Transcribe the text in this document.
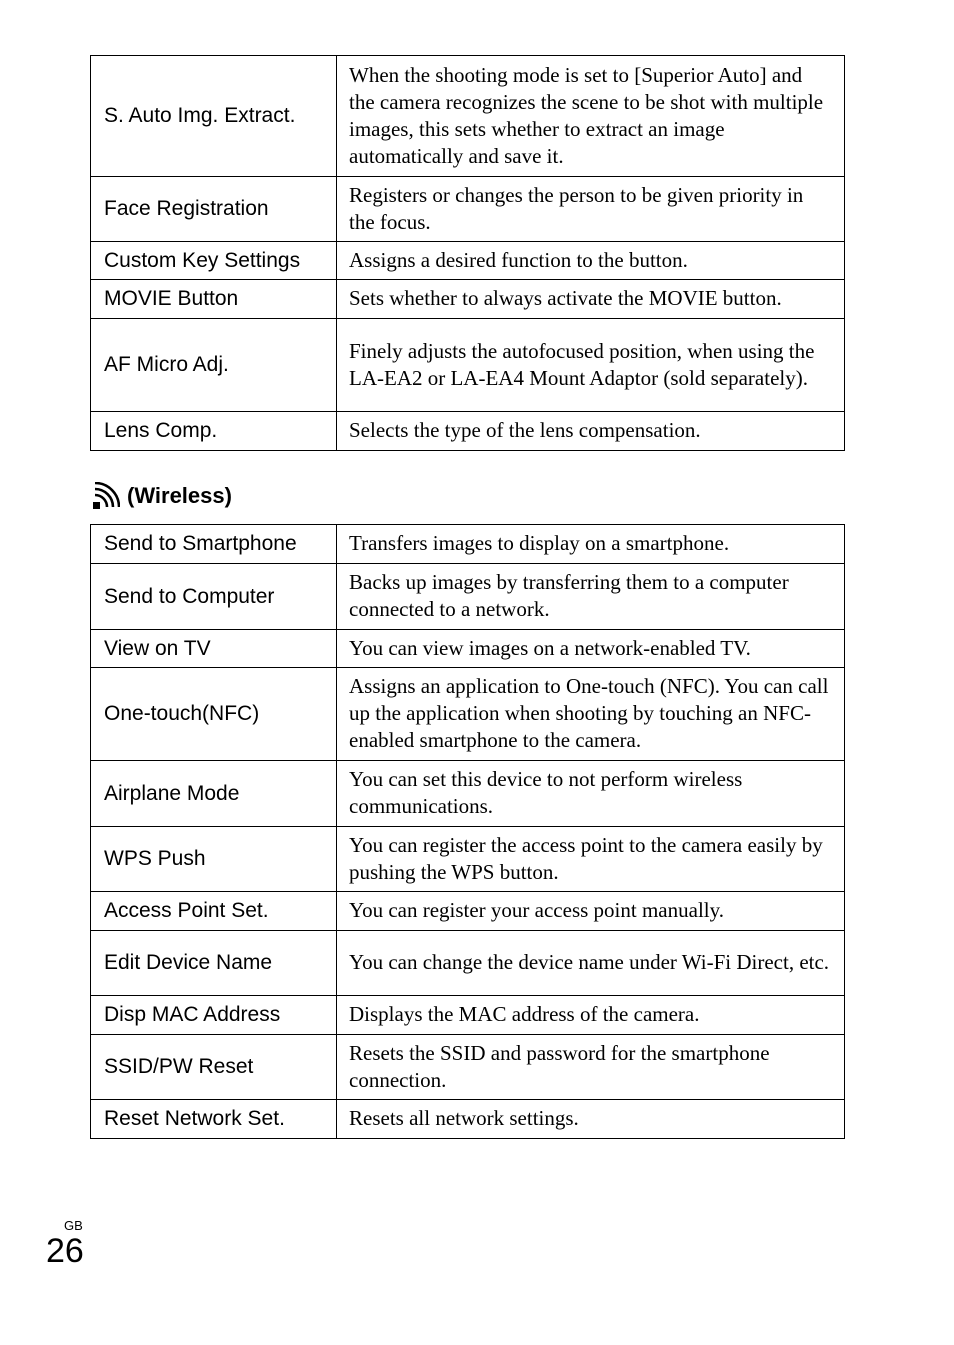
S. Auto Img. Extract.	When the shooting mode is set to [Superior Auto] and the camera recognizes the scene to be shot with multiple images, this sets whether to extract an image automatically and save it.
Face Registration	Registers or changes the person to be given priority in the focus.
Custom Key Settings	Assigns a desired function to the button.
MOVIE Button	Sets whether to always activate the MOVIE button.
AF Micro Adj.	Finely adjusts the autofocused position, when using the LA-EA2 or LA-EA4 Mount Adaptor (sold separately).
Lens Comp.	Selects the type of the lens compensation.
(Wireless)
Send to Smartphone	Transfers images to display on a smartphone.
Send to Computer	Backs up images by transferring them to a computer connected to a network.
View on TV	You can view images on a network-enabled TV.
One-touch(NFC)	Assigns an application to One-touch (NFC). You can call up the application when shooting by touching an NFC-enabled smartphone to the camera.
Airplane Mode	You can set this device to not perform wireless communications.
WPS Push	You can register the access point to the camera easily by pushing the WPS button.
Access Point Set.	You can register your access point manually.
Edit Device Name	You can change the device name under Wi-Fi Direct, etc.
Disp MAC Address	Displays the MAC address of the camera.
SSID/PW Reset	Resets the SSID and password for the smartphone connection.
Reset Network Set.	Resets all network settings.
GB
26
